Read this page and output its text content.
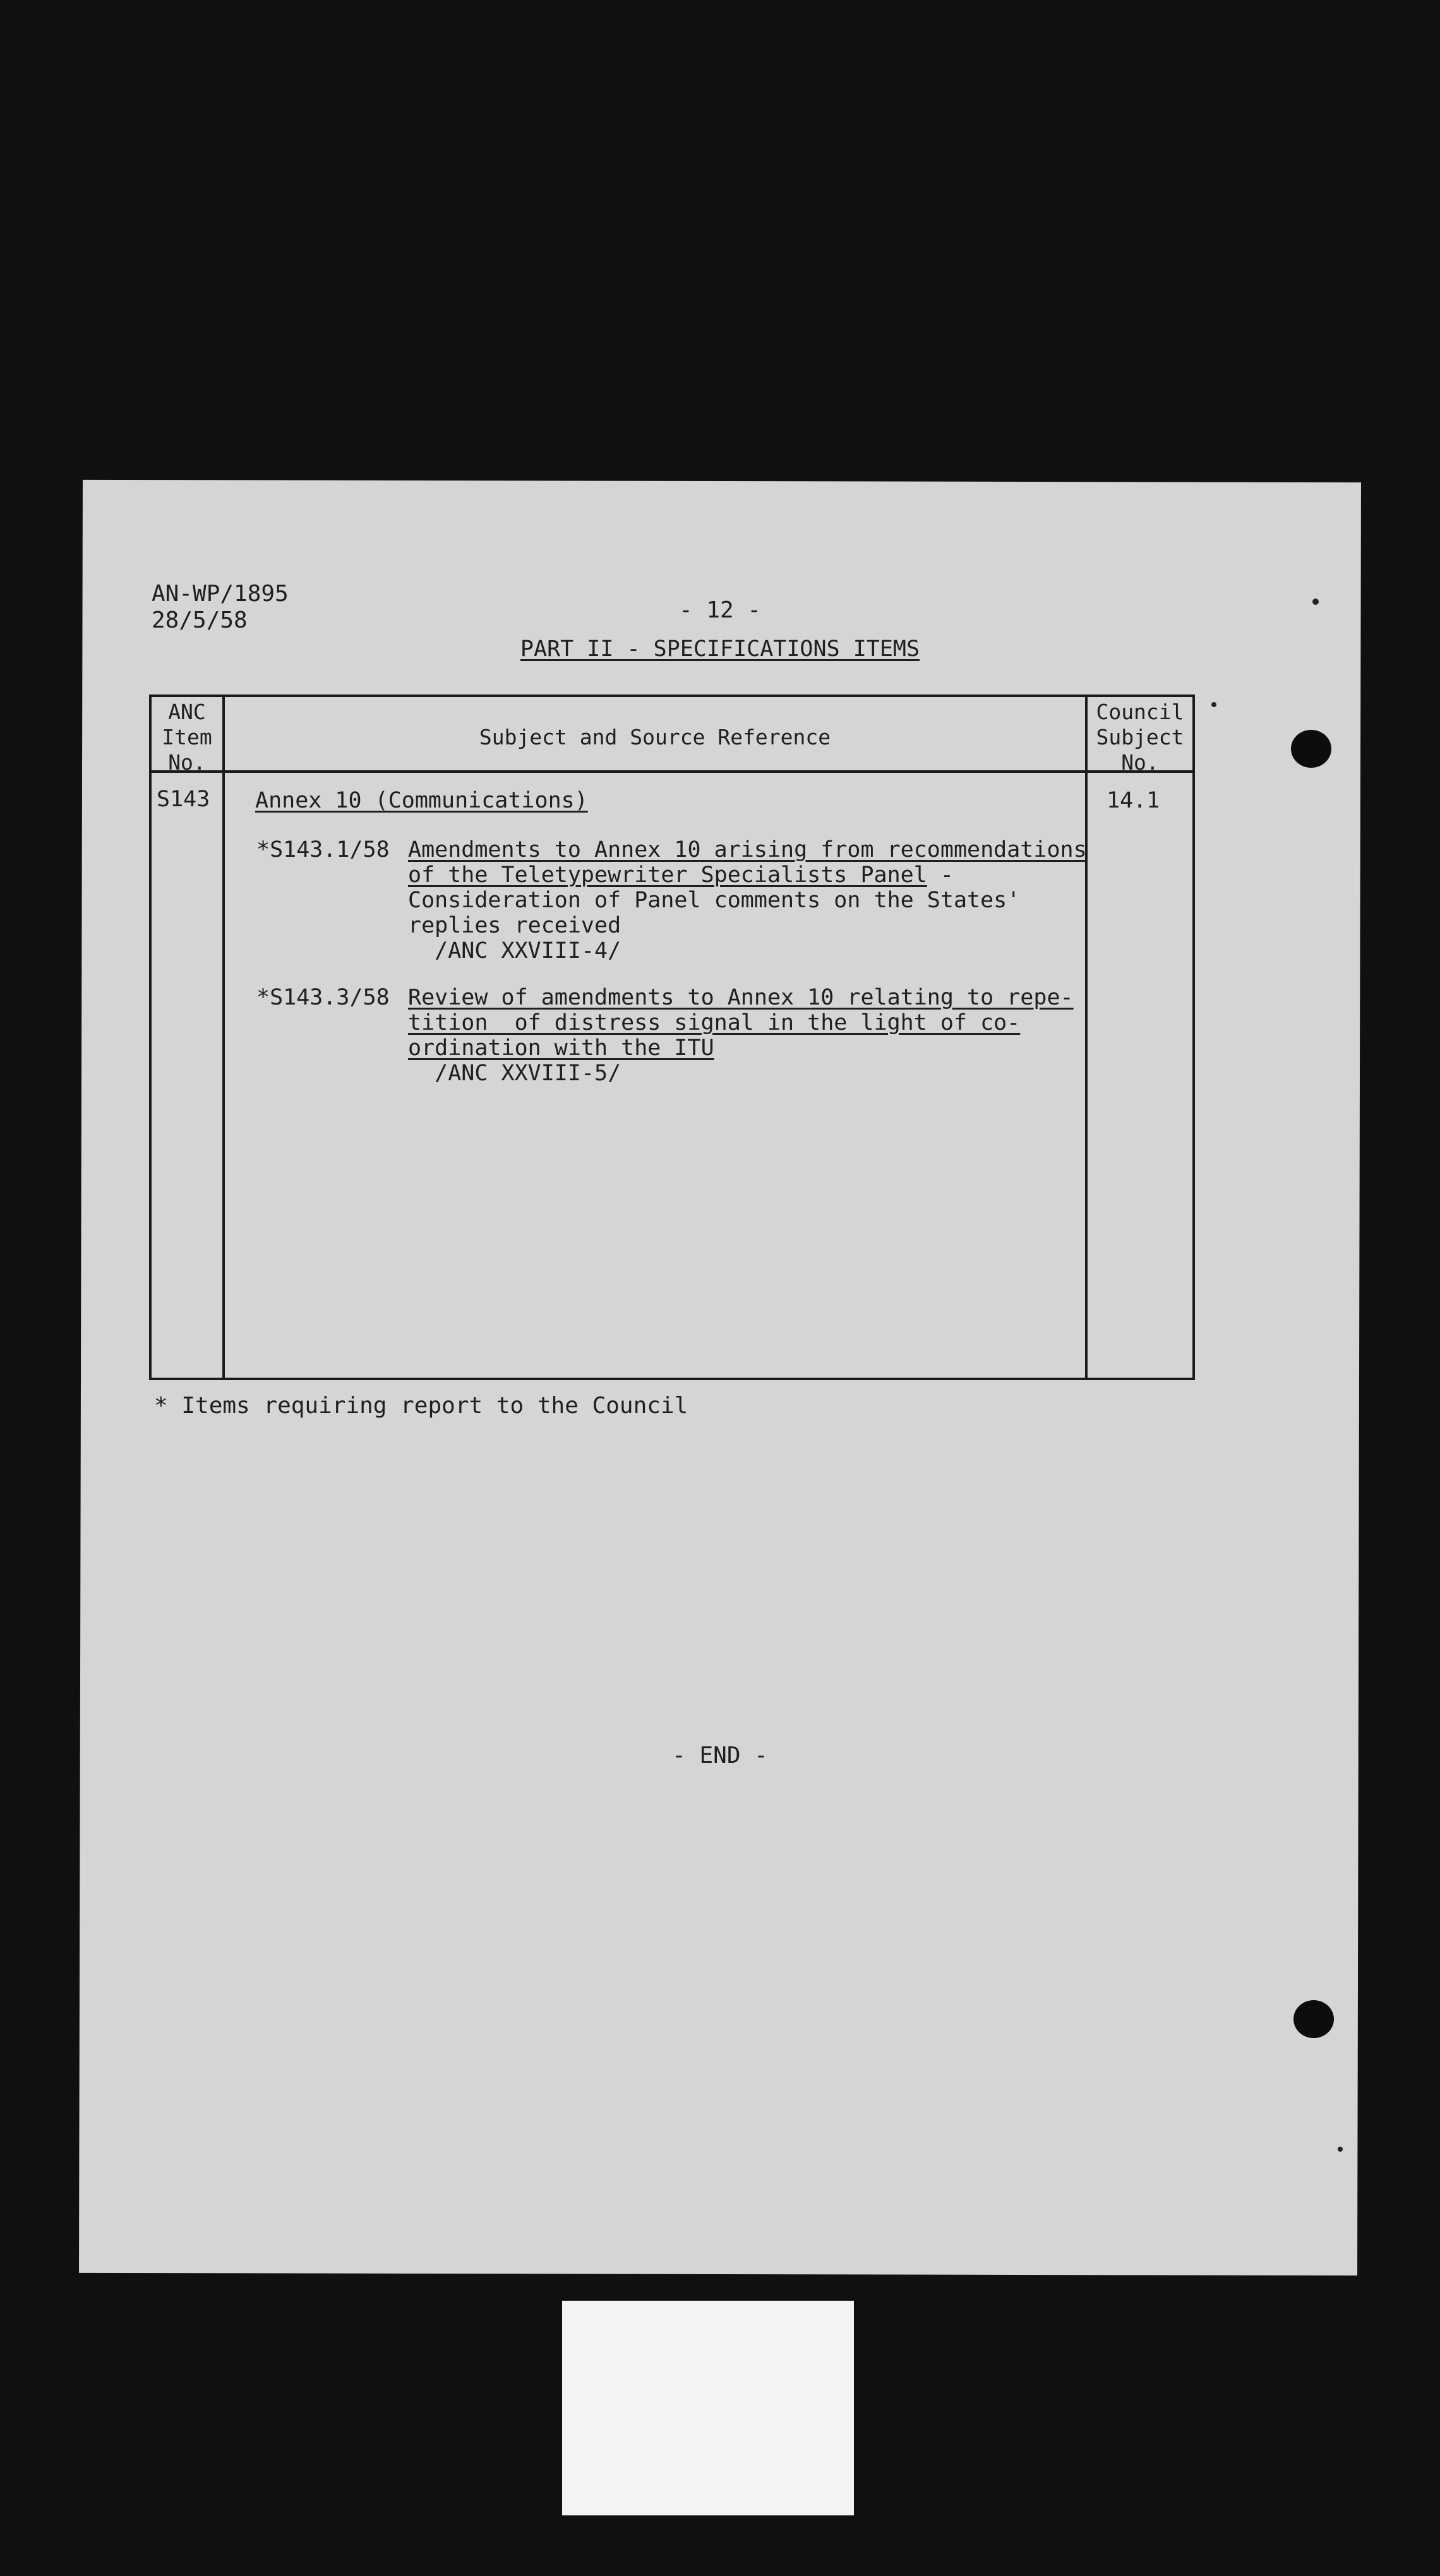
AN-WP/1895
28/5/58	- 12 -
PART II - SPECIFICATIONS ITEMS
ANC
Item
No.
Subject and Source Reference
Council
Subject
No.
S143 Annex 10 (Communications)	14.1
*S143.1/58 Amendments to Annex 10 arising from recommendations
of the Teletypewriter Specialists Panel -
Consideration of Panel comments on the States'
replies received
/ANC XXVIII-4/
*S143.3/58 Review of amendments to Annex 10 relating to repe-
tition  of distress signal in the light of co-
ordination with the ITU
/ANC XXVIII-5/
* Items requiring report to the Council
- END -
